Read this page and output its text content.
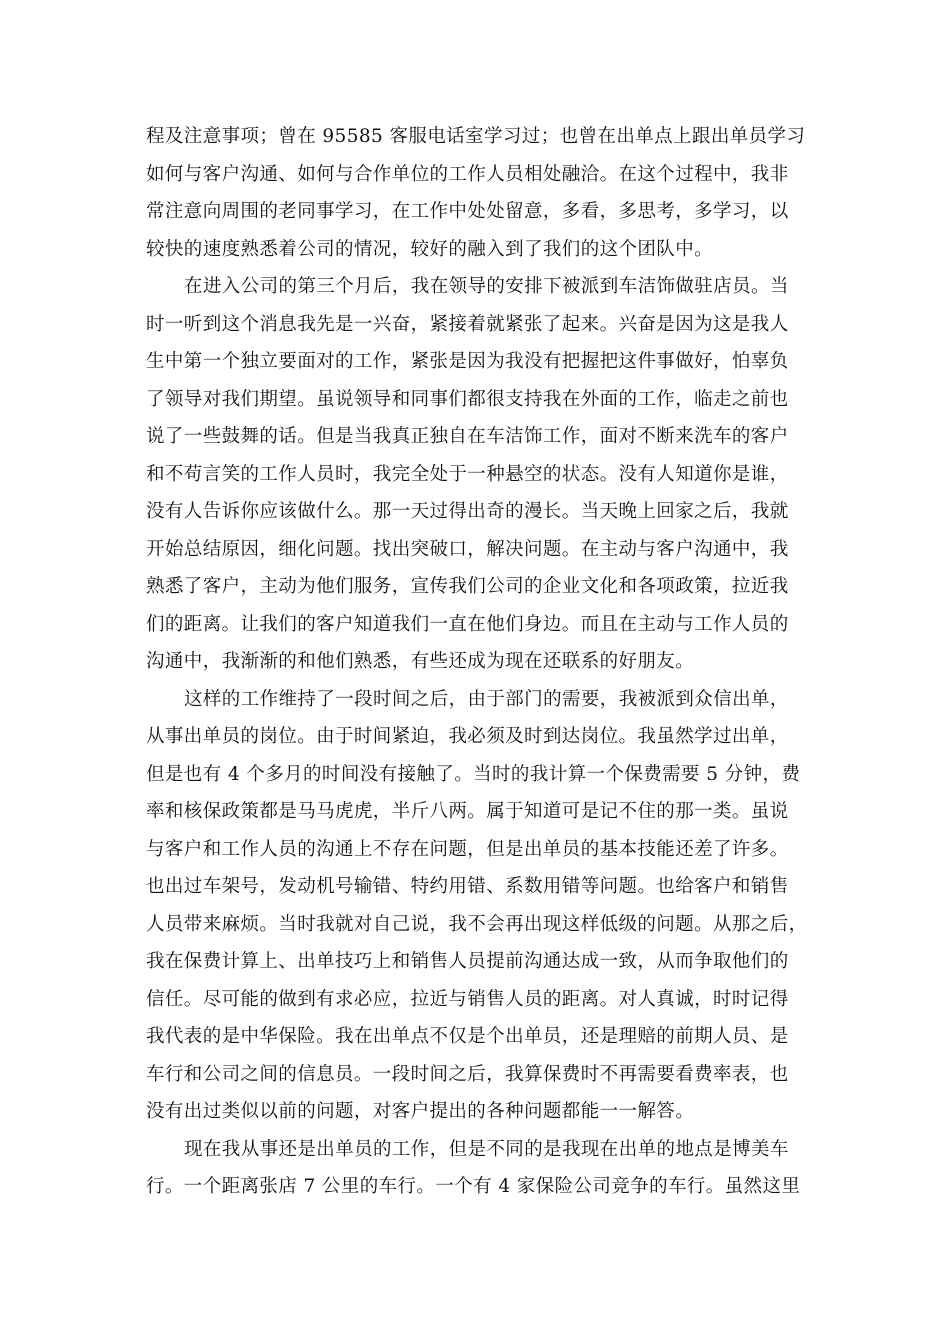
程及注意事项；曾在 95585 客服电话室学习过；也曾在出单点上跟出单员学习
如何与客户沟通、如何与合作单位的工作人员相处融洽。在这个过程中，我非
常注意向周围的老同事学习，在工作中处处留意，多看，多思考，多学习，以
较快的速度熟悉着公司的情况，较好的融入到了我们的这个团队中。
在进入公司的第三个月后，我在领导的安排下被派到车洁饰做驻店员。当
时一听到这个消息我先是一兴奋，紧接着就紧张了起来。兴奋是因为这是我人
生中第一个独立要面对的工作，紧张是因为我没有把握把这件事做好，怕辜负
了领导对我们期望。虽说领导和同事们都很支持我在外面的工作，临走之前也
说了一些鼓舞的话。但是当我真正独自在车洁饰工作，面对不断来洗车的客户
和不苟言笑的工作人员时，我完全处于一种悬空的状态。没有人知道你是谁，
没有人告诉你应该做什么。那一天过得出奇的漫长。当天晚上回家之后，我就
开始总结原因，细化问题。找出突破口，解决问题。在主动与客户沟通中，我
熟悉了客户，主动为他们服务，宣传我们公司的企业文化和各项政策，拉近我
们的距离。让我们的客户知道我们一直在他们身边。而且在主动与工作人员的
沟通中，我渐渐的和他们熟悉，有些还成为现在还联系的好朋友。
这样的工作维持了一段时间之后，由于部门的需要，我被派到众信出单，
从事出单员的岗位。由于时间紧迫，我必须及时到达岗位。我虽然学过出单，
但是也有 4 个多月的时间没有接触了。当时的我计算一个保费需要 5 分钟，费
率和核保政策都是马马虎虎，半斤八两。属于知道可是记不住的那一类。虽说
与客户和工作人员的沟通上不存在问题，但是出单员的基本技能还差了许多。
也出过车架号，发动机号输错、特约用错、系数用错等问题。也给客户和销售
人员带来麻烦。当时我就对自己说，我不会再出现这样低级的问题。从那之后，
我在保费计算上、出单技巧上和销售人员提前沟通达成一致，从而争取他们的
信任。尽可能的做到有求必应，拉近与销售人员的距离。对人真诚，时时记得
我代表的是中华保险。我在出单点不仅是个出单员，还是理赔的前期人员、是
车行和公司之间的信息员。一段时间之后，我算保费时不再需要看费率表，也
没有出过类似以前的问题，对客户提出的各种问题都能一一解答。
现在我从事还是出单员的工作，但是不同的是我现在出单的地点是博美车
行。一个距离张店 7 公里的车行。一个有 4 家保险公司竞争的车行。虽然这里
